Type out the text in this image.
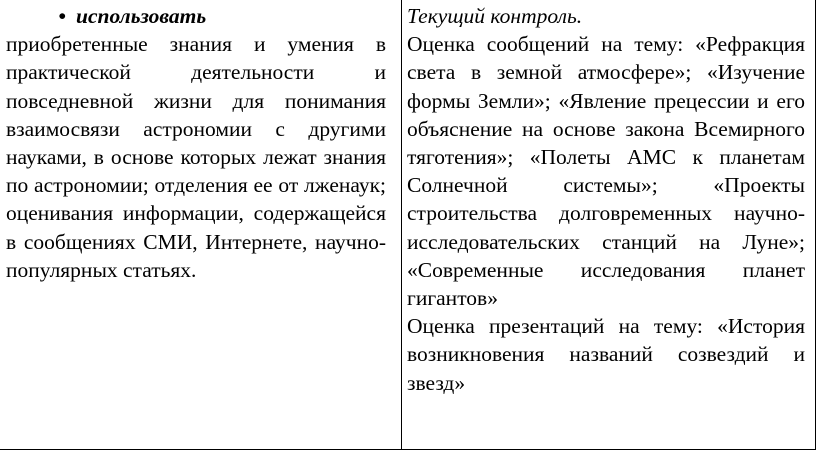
• использовать

приобретенные знания и умения в практической деятельности и повседневной жизни для понимания взаимосвязи астрономии с другими науками, в основе которых лежат знания по астрономии; отделения ее от лженаук; оценивания информации, содержащейся в сообщениях СМИ, Интернете, научно-популярных статьях.

Текущий контроль.

Оценка сообщений на тему: «Рефракция света в земной атмосфере»; «Изучение формы Земли»; «Явление прецессии и его объяснение на основе закона Всемирного тяготения»; «Полеты АМС к планетам Солнечной системы»; «Проекты строительства долговременных научно-исследовательских станций на Луне»; «Современные исследования планет гигантов»

Оценка презентаций на тему: «История возникновения названий созвездий и звезд»
